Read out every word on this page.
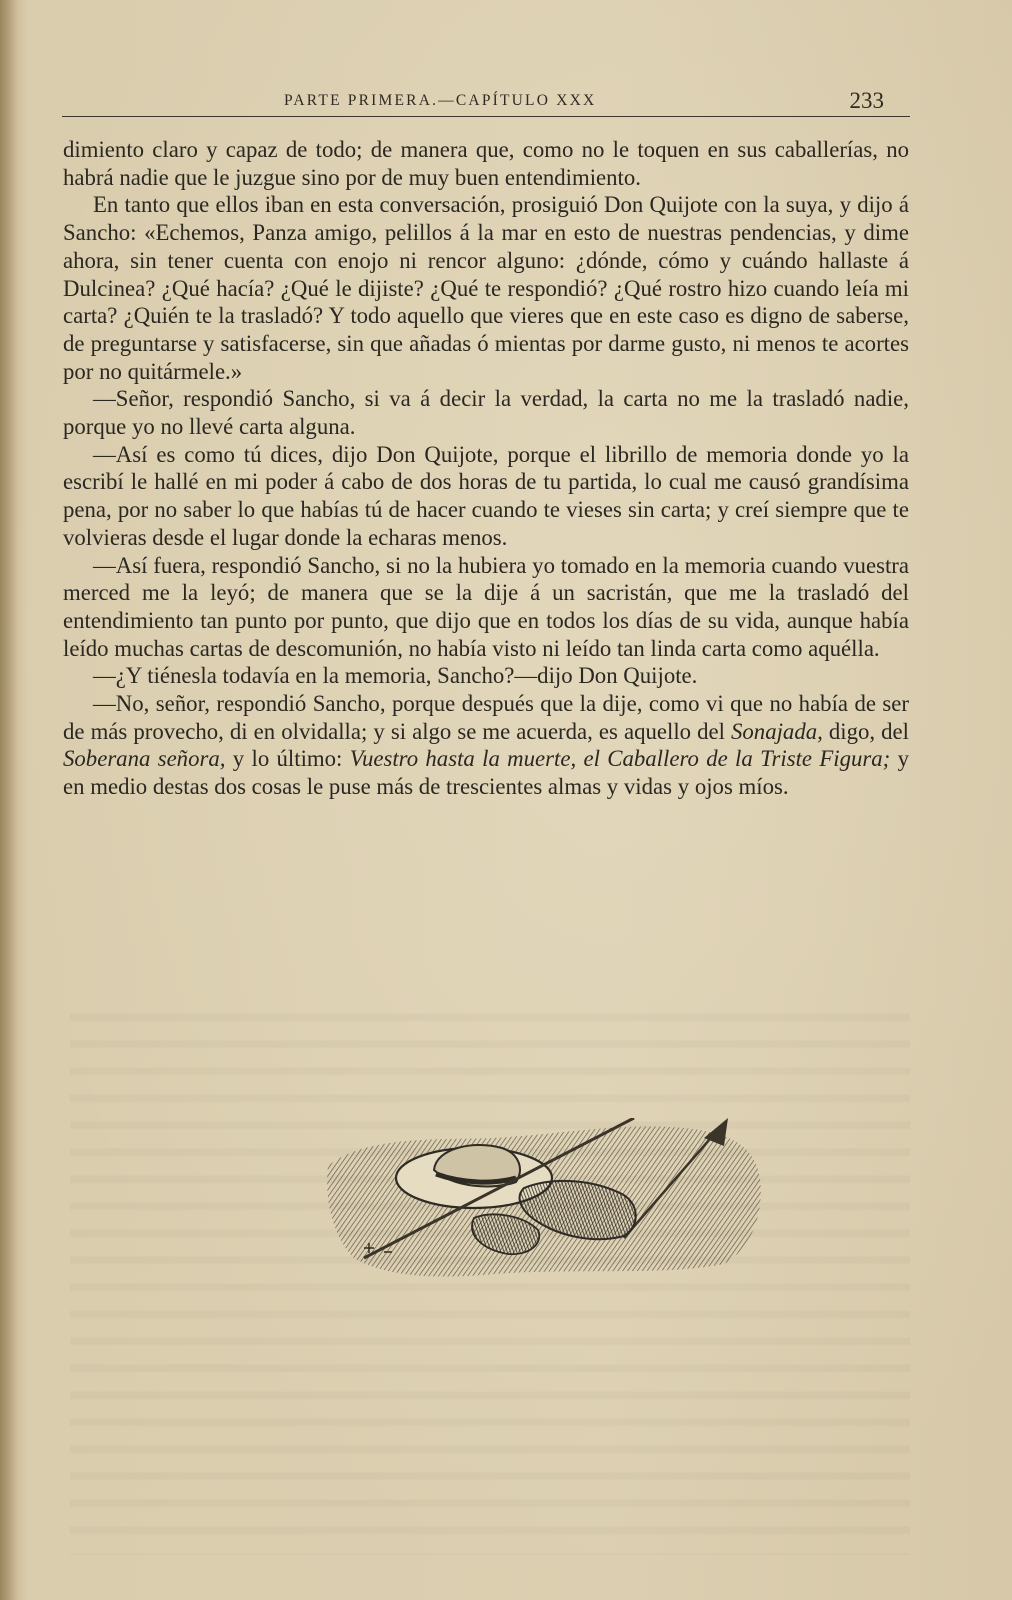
PARTE PRIMERA.—CAPÍTULO XXX	233

dimiento claro y capaz de todo; de manera que, como no le toquen en sus caballerías, no habrá nadie que le juzgue sino por de muy buen entendimiento.

En tanto que ellos iban en esta conversación, prosiguió Don Quijote con la suya, y dijo á Sancho: «Echemos, Panza amigo, pelillos á la mar en esto de nuestras pendencias, y dime ahora, sin tener cuenta con enojo ni rencor alguno: ¿dónde, cómo y cuándo hallaste á Dulcinea? ¿Qué hacía? ¿Qué le dijiste? ¿Qué te respondió? ¿Qué rostro hizo cuando leía mi carta? ¿Quién te la trasladó? Y todo aquello que vieres que en este caso es digno de saberse, de preguntarse y satisfacerse, sin que añadas ó mientas por darme gusto, ni menos te acortes por no quitármele.»

—Señor, respondió Sancho, si va á decir la verdad, la carta no me la trasladó nadie, porque yo no llevé carta alguna.

—Así es como tú dices, dijo Don Quijote, porque el librillo de memoria donde yo la escribí le hallé en mi poder á cabo de dos horas de tu partida, lo cual me causó grandísima pena, por no saber lo que habías tú de hacer cuando te vieses sin carta; y creí siempre que te volvieras desde el lugar donde la echaras menos.

—Así fuera, respondió Sancho, si no la hubiera yo tomado en la memoria cuando vuestra merced me la leyó; de manera que se la dije á un sacristán, que me la trasladó del entendimiento tan punto por punto, que dijo que en todos los días de su vida, aunque había leído muchas cartas de descomunión, no había visto ni leído tan linda carta como aquélla.

—¿Y tiénesla todavía en la memoria, Sancho?—dijo Don Quijote.

—No, señor, respondió Sancho, porque después que la dije, como vi que no había de ser de más provecho, di en olvidalla; y si algo se me acuerda, es aquello del Sonajada, digo, del Soberana señora, y lo último: Vuestro hasta la muerte, el Caballero de la Triste Figura; y en medio destas dos cosas le puse más de trescientes almas y vidas y ojos míos.
